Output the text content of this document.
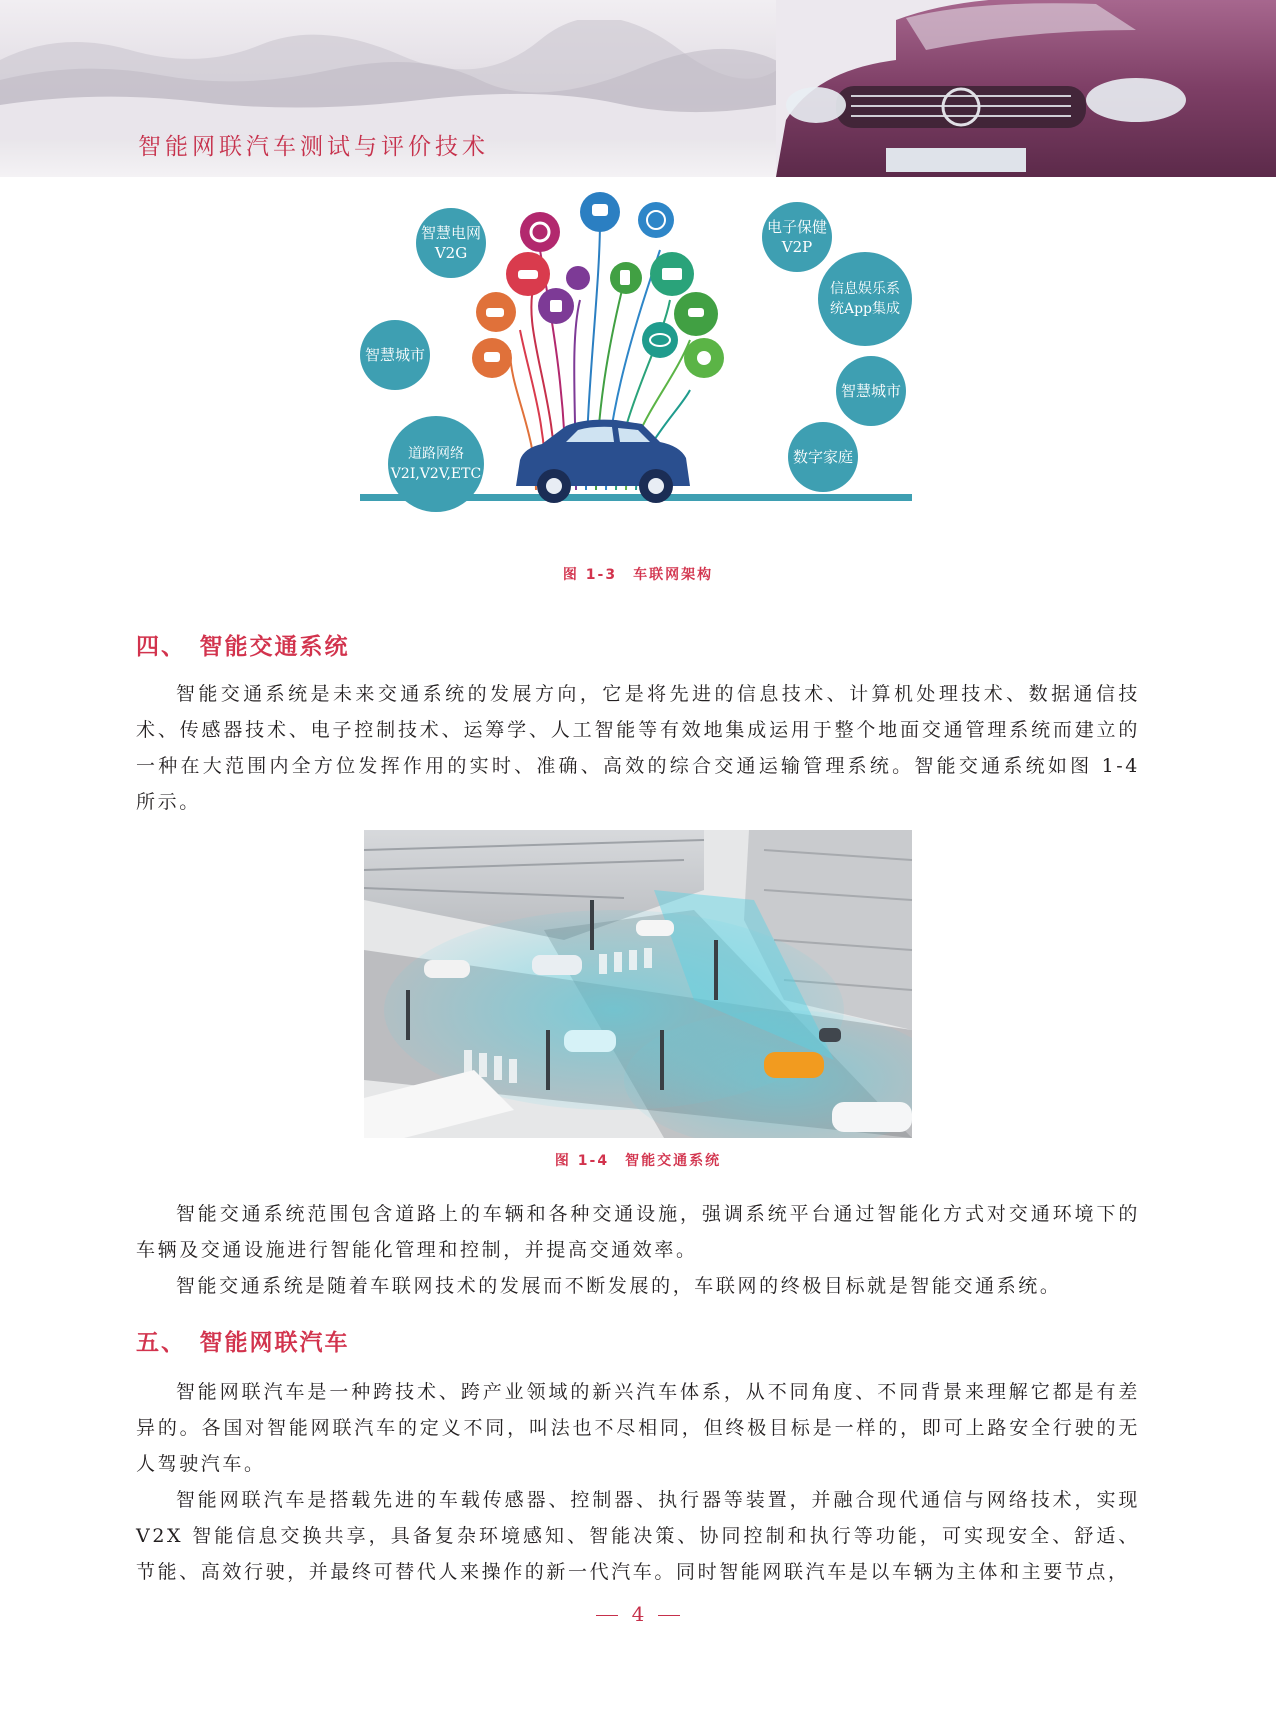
智能网联汽车测试与评价技术
智慧电网
V2G
智慧城市
道路网络
V2I,V2V,ETC
电子保健
V2P
信息娱乐系
统App集成
智慧城市
数字家庭
图 1-3　车联网架构
四、　智能交通系统

智能交通系统是未来交通系统的发展方向，它是将先进的信息技术、计算机处理技术、数据通信技术、传感器技术、电子控制技术、运筹学、人工智能等有效地集成运用于整个地面交通管理系统而建立的一种在大范围内全方位发挥作用的实时、准确、高效的综合交通运输管理系统。智能交通系统如图 1-4 所示。

图 1-4　智能交通系统

智能交通系统范围包含道路上的车辆和各种交通设施，强调系统平台通过智能化方式对交通环境下的车辆及交通设施进行智能化管理和控制，并提高交通效率。

智能交通系统是随着车联网技术的发展而不断发展的，车联网的终极目标就是智能交通系统。

五、　智能网联汽车

智能网联汽车是一种跨技术、跨产业领域的新兴汽车体系，从不同角度、不同背景来理解它都是有差异的。各国对智能网联汽车的定义不同，叫法也不尽相同，但终极目标是一样的，即可上路安全行驶的无人驾驶汽车。

智能网联汽车是搭载先进的车载传感器、控制器、执行器等装置，并融合现代通信与网络技术，实现 V2X 智能信息交换共享，具备复杂环境感知、智能决策、协同控制和执行等功能，可实现安全、舒适、节能、高效行驶，并最终可替代人来操作的新一代汽车。同时智能网联汽车是以车辆为主体和主要节点，

4
